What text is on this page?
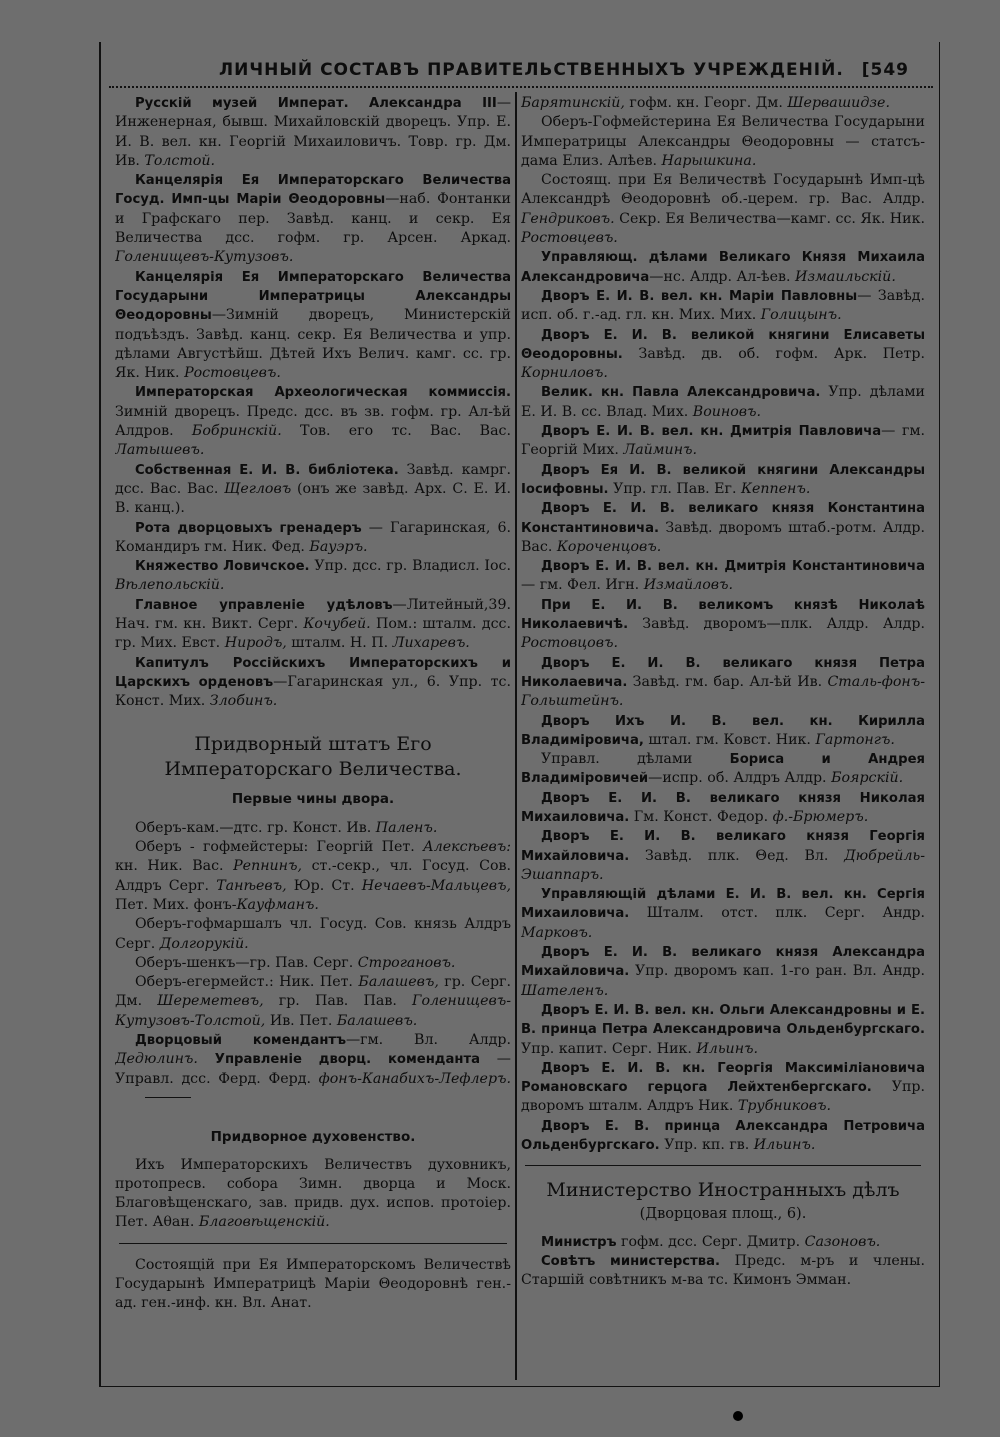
ЛИЧНЫЙ СОСТАВЪ ПРАВИТЕЛЬСТВЕННЫХЪ УЧРЕЖДЕНІЙ. [549

Русскій музей Императ. Александра III—Инженерная, бывш. Михайловскій дворецъ. Упр. Е. И. В. вел. кн. Георгій Михаиловичъ. Товр. гр. Дм. Ив. Толстой.

Канцелярія Ея Императорскаго Величества Госуд. Имп-цы Маріи Θеодоровны—наб. Фонтанки и Графскаго пер. Завѣд. канц. и секр. Ея Величества дсс. гофм. гр. Арсен. Аркад. Голенищевъ-Кутузовъ.

Канцелярія Ея Императорскаго Величества Государыни Императрицы Александры Θеодоровны—Зимній дворецъ, Министерскій подъѣздъ. Завѣд. канц. секр. Ея Величества и упр. дѣлами Августѣйш. Дѣтей Ихъ Велич. камг. сс. гр. Як. Ник. Ростовцевъ.

Императорская Археологическая коммиссія. Зимній дворецъ. Предс. дсс. въ зв. гофм. гр. Ал-ѣй Алдров. Бобринскій. Тов. его тс. Вас. Вас. Латышевъ.

Собственная Е. И. В. библіотека. Завѣд. камрг. дсс. Вас. Вас. Щегловъ (онъ же завѣд. Арх. С. Е. И. В. канц.).

Рота дворцовыхъ гренадеръ — Гагаринская, 6. Командиръ гм. Ник. Фед. Бауэръ.

Княжество Ловичское. Упр. дсс. гр. Владисл. Іос. Вѣлепольскій.

Главное управленіе удѣловъ—Литейный,39. Нач. гм. кн. Викт. Серг. Кочубей. Пом.: шталм. дсс. гр. Мих. Евст. Ниродъ, шталм. Н. П. Лихаревъ.

Капитулъ Россійскихъ Императорскихъ и Царскихъ орденовъ—Гагаринская ул., 6. Упр. тс. Конст. Мих. Злобинъ.

Придворный штатъ Его Императорскаго Величества.
Первые чины двора.

Оберъ-кам.—дтс. гр. Конст. Ив. Паленъ.

Оберъ - гофмейстеры: Георгій Пет. Алексѣевъ: кн. Ник. Вас. Репнинъ, ст.-секр., чл. Госуд. Сов. Алдръ Серг. Танѣевъ, Юр. Ст. Нечаевъ-Мальцевъ, Пет. Мих. фонъ-Кауфманъ.

Оберъ-гофмаршалъ чл. Госуд. Сов. князь Алдръ Серг. Долгорукій.

Оберъ-шенкъ—гр. Пав. Серг. Строгановъ.

Оберъ-егермейст.: Ник. Пет. Балашевъ, гр. Серг. Дм. Шереметевъ, гр. Пав. Пав. Голенищевъ-Кутузовъ-Толстой, Ив. Пет. Балашевъ.

Дворцовый комендантъ—гм. Вл. Алдр. Дедюлинъ. Управленіе дворц. коменданта — Управл. дсс. Ферд. Ферд. фонъ-Канабихъ-Лефлеръ.

Придворное духовенство.

Ихъ Императорскихъ Величествъ духовникъ, протопресв. собора Зимн. дворца и Моск. Благовѣщенскаго, зав. придв. дух. испов. протоіер. Пет. Аθан. Благовѣщенскій.

Состоящій при Ея Императорскомъ Величествѣ Государынѣ Императрицѣ Маріи Θеодоровнѣ ген.-ад. ген.-инф. кн. Вл. Анат.

Барятинскій, гофм. кн. Георг. Дм. Шервашидзе.

Оберъ-Гофмейстерина Ея Величества Государыни Императрицы Александры Θеодоровны — статсъ-дама Елиз. Алѣев. Нарышкина.

Состоящ. при Ея Величествѣ Государынѣ Имп-цѣ Александрѣ Θеодоровнѣ об.-церем. гр. Вас. Алдр. Гендриковъ. Секр. Ея Величества—камг. сс. Як. Ник. Ростовцевъ.

Управляющ. дѣлами Великаго Князя Михаила Александровича—нс. Алдр. Ал-ѣев. Измаильскій.

Дворъ Е. И. В. вел. кн. Маріи Павловны— Завѣд. исп. об. г.-ад. гл. кн. Мих. Мих. Голицынъ.

Дворъ Е. И. В. великой княгини Елисаветы Θеодоровны. Завѣд. дв. об. гофм. Арк. Петр. Корниловъ.

Велик. кн. Павла Александровича. Упр. дѣлами Е. И. В. сс. Влад. Мих. Воиновъ.

Дворъ Е. И. В. вел. кн. Дмитрія Павловича— гм. Георгій Мих. Лайминъ.

Дворъ Ея И. В. великой княгини Александры Іосифовны. Упр. гл. Пав. Ег. Кеппенъ.

Дворъ Е. И. В. великаго князя Константина Константиновича. Завѣд. дворомъ штаб.-ротм. Алдр. Вас. Короченцовъ.

Дворъ Е. И. В. вел. кн. Дмитрія Константиновича— гм. Фел. Игн. Измайловъ.

При Е. И. В. великомъ князѣ Николаѣ Николаевичѣ. Завѣд. дворомъ—плк. Алдр. Алдр. Ростовцовъ.

Дворъ Е. И. В. великаго князя Петра Николаевича. Завѣд. гм. бар. Ал-ѣй Ив. Сталь-фонъ-Гольштейнъ.

Дворъ Ихъ И. В. вел. кн. Кирилла Владиміровича, штал. гм. Ковст. Ник. Гартонгъ.

Управл. дѣлами Бориса и Андрея Владиміровичей—испр. об. Алдръ Алдр. Боярскій.

Дворъ Е. И. В. великаго князя Николая Михаиловича. Гм. Конст. Федор. ф.-Брюмеръ.

Дворъ Е. И. В. великаго князя Георгія Михайловича. Завѣд. плк. Θед. Вл. Дюбрейль-Эшаппаръ.

Управляющій дѣлами Е. И. В. вел. кн. Сергія Михаиловича. Шталм. отст. плк. Серг. Андр. Марковъ.

Дворъ Е. И. В. великаго князя Александра Михайловича. Упр. дворомъ кап. 1-го ран. Вл. Андр. Шателенъ.

Дворъ Е. И. В. вел. кн. Ольги Александровны и Е. В. принца Петра Александровича Ольденбургскаго. Упр. капит. Серг. Ник. Ильинъ.

Дворъ Е. И. В. кн. Георгія Максиміліановича Романовскаго герцога Лейхтенбергскаго. Упр. дворомъ шталм. Алдръ Ник. Трубниковъ.

Дворъ Е. В. принца Александра Петровича Ольденбургскаго. Упр. кп. гв. Ильинъ.

Министерство Иностранныхъ дѣлъ
(Дворцовая площ., 6).

Министръ гофм. дсс. Серг. Дмитр. Сазоновъ.

Совѣтъ министерства. Предс. м-ръ и члены. Старшій совѣтникъ м-ва тс. Кимонъ Эмман.
